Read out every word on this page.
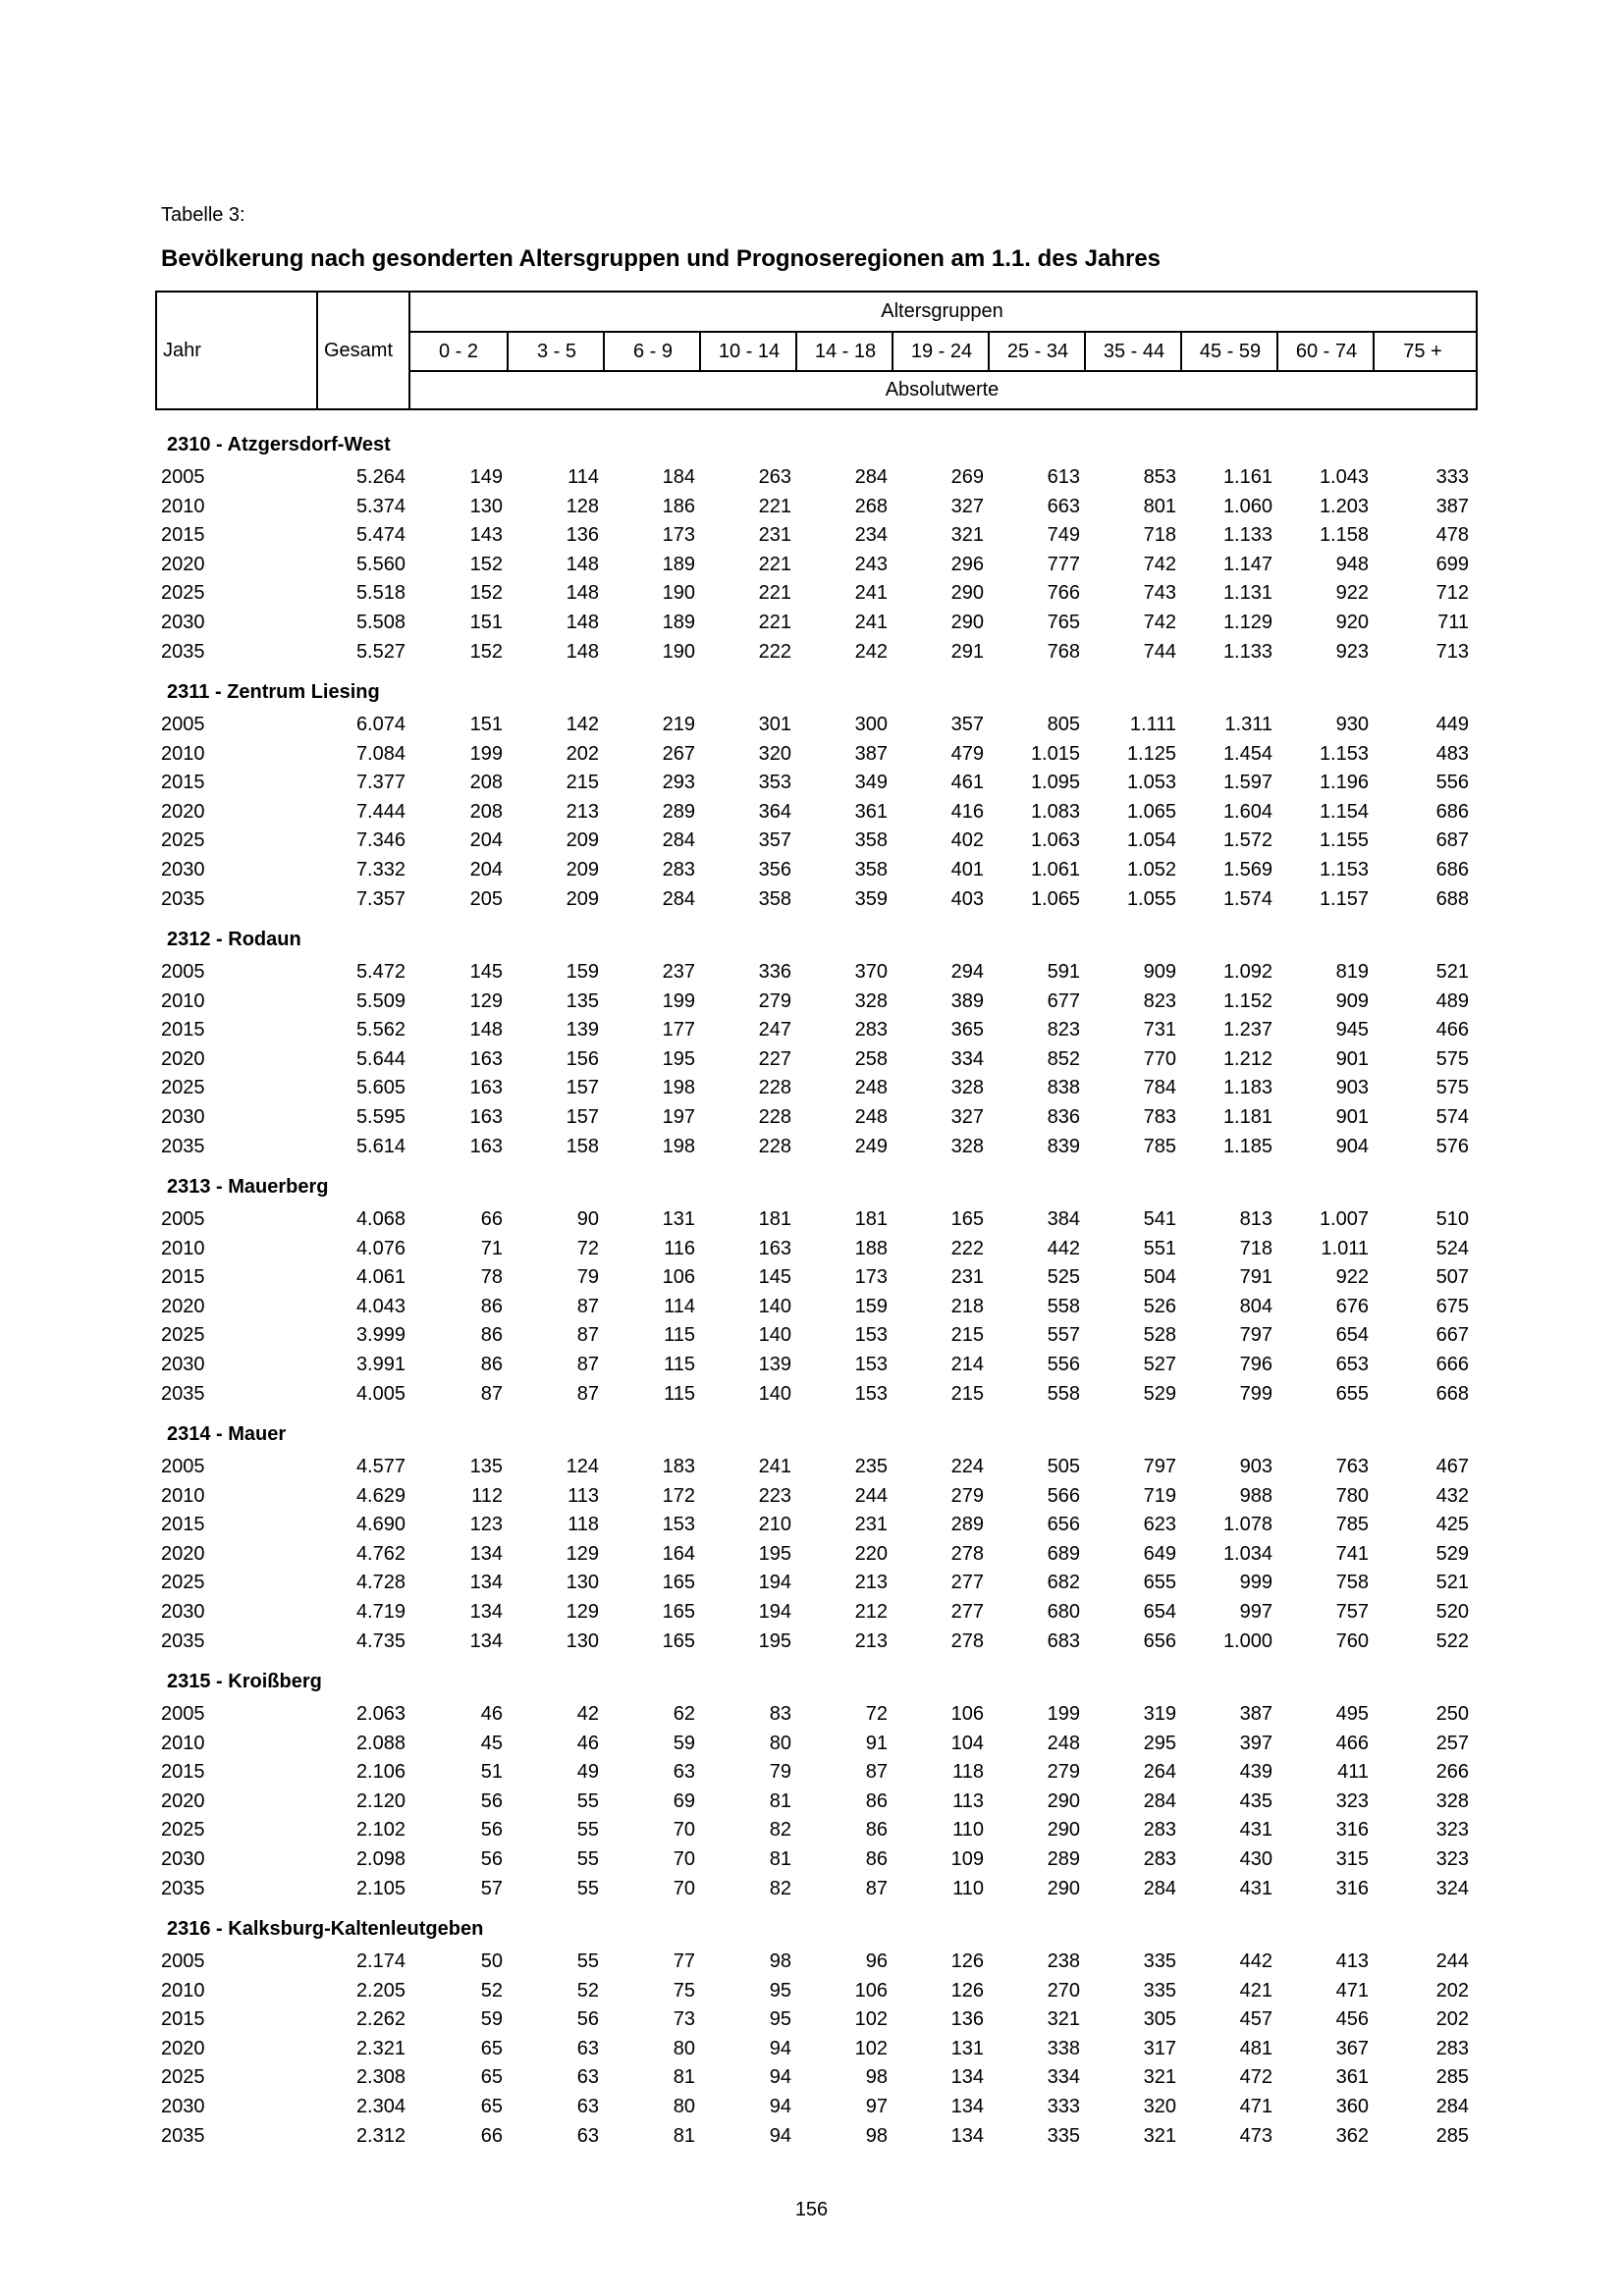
Tabelle 3:
Bevölkerung nach gesonderten Altersgruppen und Prognoseregionen am 1.1. des Jahres
Jahr	Gesamt
Altersgruppen
Absolutwerte
0 - 2	3 - 5	6 - 9	10 - 14	14 - 18	19 - 24	25 - 34	35 - 44	45 - 59	60 - 74	75 +
2310 - Atzgersdorf-West
2005	5.264	149	114	184	263	284	269	613	853	1.161	1.043	333
2010	5.374	130	128	186	221	268	327	663	801	1.060	1.203	387
2015	5.474	143	136	173	231	234	321	749	718	1.133	1.158	478
2020	5.560	152	148	189	221	243	296	777	742	1.147	948	699
2025	5.518	152	148	190	221	241	290	766	743	1.131	922	712
2030	5.508	151	148	189	221	241	290	765	742	1.129	920	711
2035	5.527	152	148	190	222	242	291	768	744	1.133	923	713
2311 - Zentrum Liesing
2005	6.074	151	142	219	301	300	357	805	1.111	1.311	930	449
2010	7.084	199	202	267	320	387	479	1.015	1.125	1.454	1.153	483
2015	7.377	208	215	293	353	349	461	1.095	1.053	1.597	1.196	556
2020	7.444	208	213	289	364	361	416	1.083	1.065	1.604	1.154	686
2025	7.346	204	209	284	357	358	402	1.063	1.054	1.572	1.155	687
2030	7.332	204	209	283	356	358	401	1.061	1.052	1.569	1.153	686
2035	7.357	205	209	284	358	359	403	1.065	1.055	1.574	1.157	688
2312 - Rodaun
2005	5.472	145	159	237	336	370	294	591	909	1.092	819	521
2010	5.509	129	135	199	279	328	389	677	823	1.152	909	489
2015	5.562	148	139	177	247	283	365	823	731	1.237	945	466
2020	5.644	163	156	195	227	258	334	852	770	1.212	901	575
2025	5.605	163	157	198	228	248	328	838	784	1.183	903	575
2030	5.595	163	157	197	228	248	327	836	783	1.181	901	574
2035	5.614	163	158	198	228	249	328	839	785	1.185	904	576
2313 - Mauerberg
2005	4.068	66	90	131	181	181	165	384	541	813	1.007	510
2010	4.076	71	72	116	163	188	222	442	551	718	1.011	524
2015	4.061	78	79	106	145	173	231	525	504	791	922	507
2020	4.043	86	87	114	140	159	218	558	526	804	676	675
2025	3.999	86	87	115	140	153	215	557	528	797	654	667
2030	3.991	86	87	115	139	153	214	556	527	796	653	666
2035	4.005	87	87	115	140	153	215	558	529	799	655	668
2314 - Mauer
2005	4.577	135	124	183	241	235	224	505	797	903	763	467
2010	4.629	112	113	172	223	244	279	566	719	988	780	432
2015	4.690	123	118	153	210	231	289	656	623	1.078	785	425
2020	4.762	134	129	164	195	220	278	689	649	1.034	741	529
2025	4.728	134	130	165	194	213	277	682	655	999	758	521
2030	4.719	134	129	165	194	212	277	680	654	997	757	520
2035	4.735	134	130	165	195	213	278	683	656	1.000	760	522
2315 - Kroißberg
2005	2.063	46	42	62	83	72	106	199	319	387	495	250
2010	2.088	45	46	59	80	91	104	248	295	397	466	257
2015	2.106	51	49	63	79	87	118	279	264	439	411	266
2020	2.120	56	55	69	81	86	113	290	284	435	323	328
2025	2.102	56	55	70	82	86	110	290	283	431	316	323
2030	2.098	56	55	70	81	86	109	289	283	430	315	323
2035	2.105	57	55	70	82	87	110	290	284	431	316	324
2316 - Kalksburg-Kaltenleutgeben
2005	2.174	50	55	77	98	96	126	238	335	442	413	244
2010	2.205	52	52	75	95	106	126	270	335	421	471	202
2015	2.262	59	56	73	95	102	136	321	305	457	456	202
2020	2.321	65	63	80	94	102	131	338	317	481	367	283
2025	2.308	65	63	81	94	98	134	334	321	472	361	285
2030	2.304	65	63	80	94	97	134	333	320	471	360	284
2035	2.312	66	63	81	94	98	134	335	321	473	362	285
156
